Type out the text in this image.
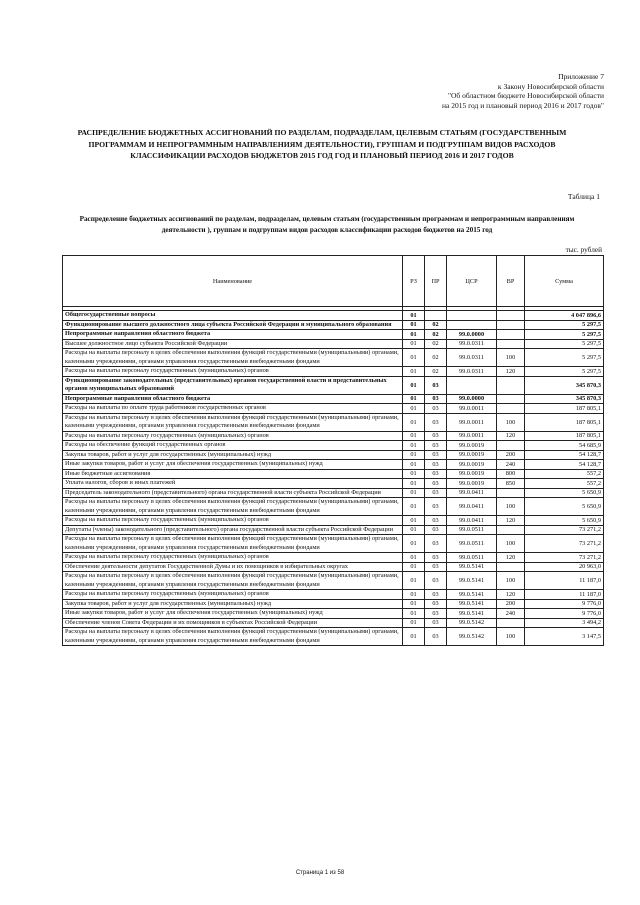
Приложение 7
к Закону Новосибирской области
"Об областном бюджете Новосибирской области
на 2015 год и плановый период 2016 и 2017 годов"
РАСПРЕДЕЛЕНИЕ БЮДЖЕТНЫХ АССИГНОВАНИЙ ПО РАЗДЕЛАМ, ПОДРАЗДЕЛАМ, ЦЕЛЕВЫМ СТАТЬЯМ (ГОСУДАРСТВЕННЫМ ПРОГРАММАМ И НЕПРОГРАММНЫМ НАПРАВЛЕНИЯМ ДЕЯТЕЛЬНОСТИ), ГРУППАМ И ПОДГРУППАМ ВИДОВ РАСХОДОВ КЛАССИФИКАЦИИ РАСХОДОВ БЮДЖЕТОВ 2015 ГОД ГОД И ПЛАНОВЫЙ ПЕРИОД 2016 И 2017 ГОДОВ
Таблица 1
Распределение бюджетных ассигнований по разделам, подразделам, целевым статьям (государственным программам и непрограммным направлениям деятельности ), группам и подгруппам видов расходов классификации расходов бюджетов на 2015 год
тыс. рублей
Наименование	РЗ	ПР	ЦСР	ВР	Сумма

Общегосударственные вопросы	01				4 047 896,6
Функционирование высшего должностного лица субъекта Российской Федерации и муниципального образования	01	02			5 297,5
Непрограммные направления областного бюджета	01	02	99.0.0000		5 297,5
Высшее должностное лицо субъекта Российской Федерации	01	02	99.0.0311		5 297,5
Расходы на выплаты персоналу в целях обеспечения выполнения функций государственными (муниципальными) органами, казенными учреждениями, органами управления государственными внебюджетными фондами	01	02	99.0.0311	100	5 297,5
Расходы на выплаты персоналу государственных (муниципальных) органов	01	02	99.0.0311	120	5 297,5
Функционирование законодательных (представительных) органов государственной власти и представительных органов муниципальных образований	01	03			345 870,3
Непрограммные направления областного бюджета	01	03	99.0.0000		345 870,3
Расходы на выплаты по оплате труда работников государственных органов	01	03	99.0.0011		187 805,1
Расходы на выплаты персоналу в целях обеспечения выполнения функций государственными (муниципальными) органами, казенными учреждениями, органами управления государственными внебюджетными фондами	01	03	99.0.0011	100	187 805,1
Расходы на выплаты персоналу государственных (муниципальных) органов	01	03	99.0.0011	120	187 805,1
Расходы на обеспечение функций государственных органов	01	03	99.0.0019		54 685,9
Закупка товаров, работ и услуг для государственных (муниципальных) нужд	01	03	99.0.0019	200	54 128,7
Иные закупки товаров, работ и услуг для обеспечения государственных (муниципальных) нужд	01	03	99.0.0019	240	54 128,7
Иные бюджетные ассигнования	01	03	99.0.0019	800	557,2
Уплата налогов, сборов и иных платежей	01	03	99.0.0019	850	557,2
Председатель законодательного (представительного) органа государственной власти субъекта Российской Федерации	01	03	99.0.0411		5 650,9
Расходы на выплаты персоналу в целях обеспечения выполнения функций государственными (муниципальными) органами, казенными учреждениями, органами управления государственными внебюджетными фондами	01	03	99.0.0411	100	5 650,9
Расходы на выплаты персоналу государственных (муниципальных) органов	01	03	99.0.0411	120	5 650,9
Депутаты (члены) законодательного (представительного) органа государственной власти субъекта Российской Федерации	01	03	99.0.0511		73 271,2
Расходы на выплаты персоналу в целях обеспечения выполнения функций государственными (муниципальными) органами, казенными учреждениями, органами управления государственными внебюджетными фондами	01	03	99.0.0511	100	73 271,2
Расходы на выплаты персоналу государственных (муниципальных) органов	01	03	99.0.0511	120	73 271,2
Обеспечение деятельности депутатов Государственной Думы и их помощников в избирательных округах	01	03	99.0.5141		20 963,0
Расходы на выплаты персоналу в целях обеспечения выполнения функций государственными (муниципальными) органами, казенными учреждениями, органами управления государственными внебюджетными фондами	01	03	99.0.5141	100	11 187,0
Расходы на выплаты персоналу государственных (муниципальных) органов	01	03	99.0.5141	120	11 187,0
Закупка товаров, работ и услуг для государственных (муниципальных) нужд	01	03	99.0.5141	200	9 776,0
Иные закупки товаров, работ и услуг для обеспечения государственных (муниципальных) нужд	01	03	99.0.5141	240	9 776,0
Обеспечение членов Совета Федерации и их помощников в субъектах Российской Федерации	01	03	99.0.5142		3 494,2
Расходы на выплаты персоналу в целях обеспечения выполнения функций государственными (муниципальными) органами, казенными учреждениями, органами управления государственными внебюджетными фондами	01	03	99.0.5142	100	3 147,5
Страница 1 из 58
